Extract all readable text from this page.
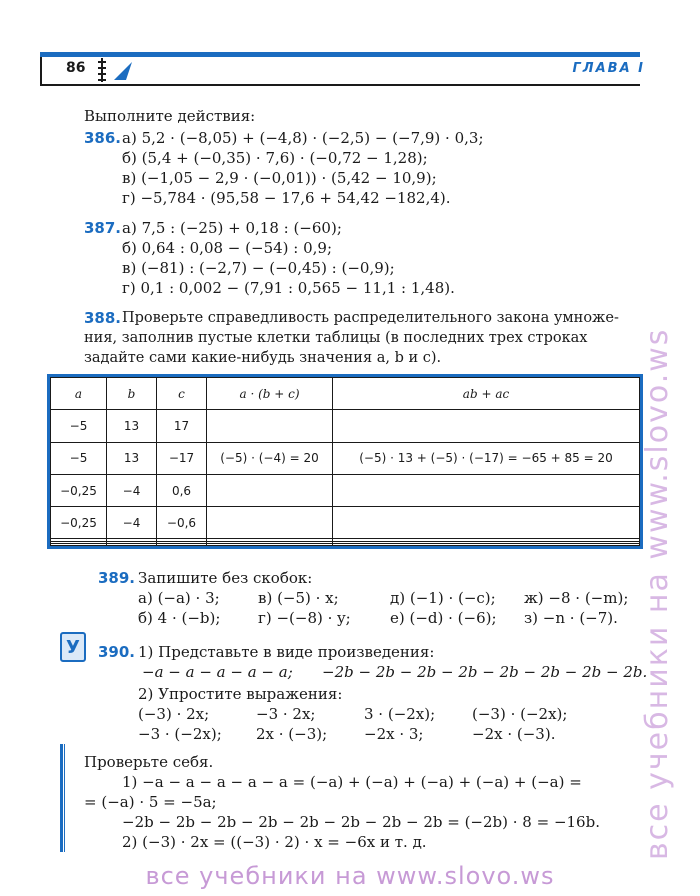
86	ГЛАВА I
Выполните действия:
386. а) 5,2 · (−8,05) + (−4,8) · (−2,5) − (−7,9) · 0,3;
б) (5,4 + (−0,35) · 7,6) · (−0,72 − 1,28);
в) (−1,05 − 2,9 · (−0,01)) · (5,42 − 10,9);
г) −5,784 · (95,58 − 17,6 + 54,42 −182,4).
387. а) 7,5 : (−25) + 0,18 : (−60);
б) 0,64 : 0,08 − (−54) : 0,9;
в) (−81) : (−2,7) − (−0,45) : (−0,9);
г) 0,1 : 0,002 − (7,91 : 0,565 − 11,1 : 1,48).
388. Проверьте справедливость распределительного закона умноже-
ния, заполнив пустые клетки таблицы (в последних трех строках
задайте сами какие-нибудь значения a, b и c).
a	b	c	a · (b + c)	ab + ac
−5	13	17		
−5	13	−17	(−5) · (−4) = 20	(−5) · 13 + (−5) · (−17) = −65 + 85 = 20
−0,25	−4	0,6		
−0,25	−4	−0,6		

389. Запишите без скобок:
а) (−a) · 3;	в) (−5) · x;	д) (−1) · (−c); ж) −8 · (−m);
б) 4 · (−b);	г) −(−8) · y;	е) (−d) · (−6); з) −n · (−7).
У	390. 1) Представьте в виде произведения:
−a − a − a − a − a; −2b − 2b − 2b − 2b − 2b − 2b − 2b − 2b.
2) Упростите выражения:
(−3) · 2x;	−3 · 2x;	3 · (−2x); (−3) · (−2x);
−3 · (−2x); 2x · (−3); −2x · 3;	−2x · (−3).
Проверьте себя.
1) −a − a − a − a − a = (−a) + (−a) + (−a) + (−a) + (−a) =
= (−a) · 5 = −5a;
−2b − 2b − 2b − 2b − 2b − 2b − 2b − 2b = (−2b) · 8 = −16b.
2) (−3) · 2x = ((−3) · 2) · x = −6x и т. д.	все учебники на www.slovo.ws
все учебники на www.slovo.ws
